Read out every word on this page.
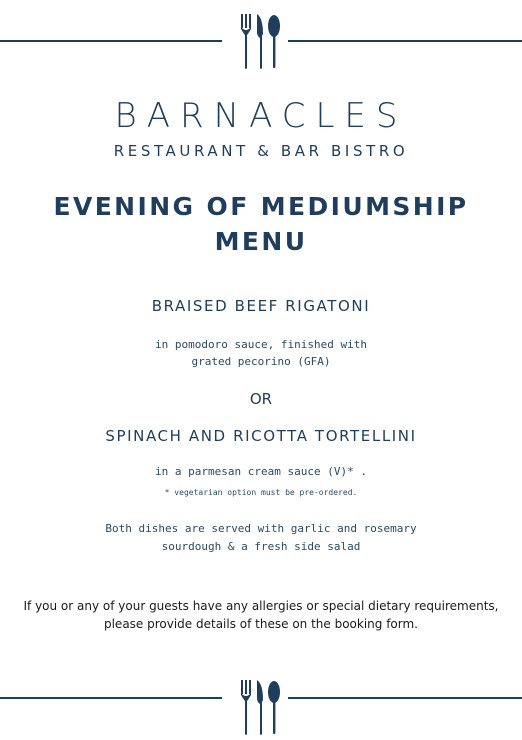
BARNACLES
RESTAURANT & BAR BISTRO
EVENING OF MEDIUMSHIP
MENU
BRAISED BEEF RIGATONI
in pomodoro sauce, finished with
grated pecorino (GFA)
OR
SPINACH AND RICOTTA TORTELLINI
in a parmesan cream sauce (V)* .
* vegetarian option must be pre-ordered.
Both dishes are served with garlic and rosemary
sourdough & a fresh side salad
If you or any of your guests have any allergies or special dietary requirements,
please provide details of these on the booking form.
